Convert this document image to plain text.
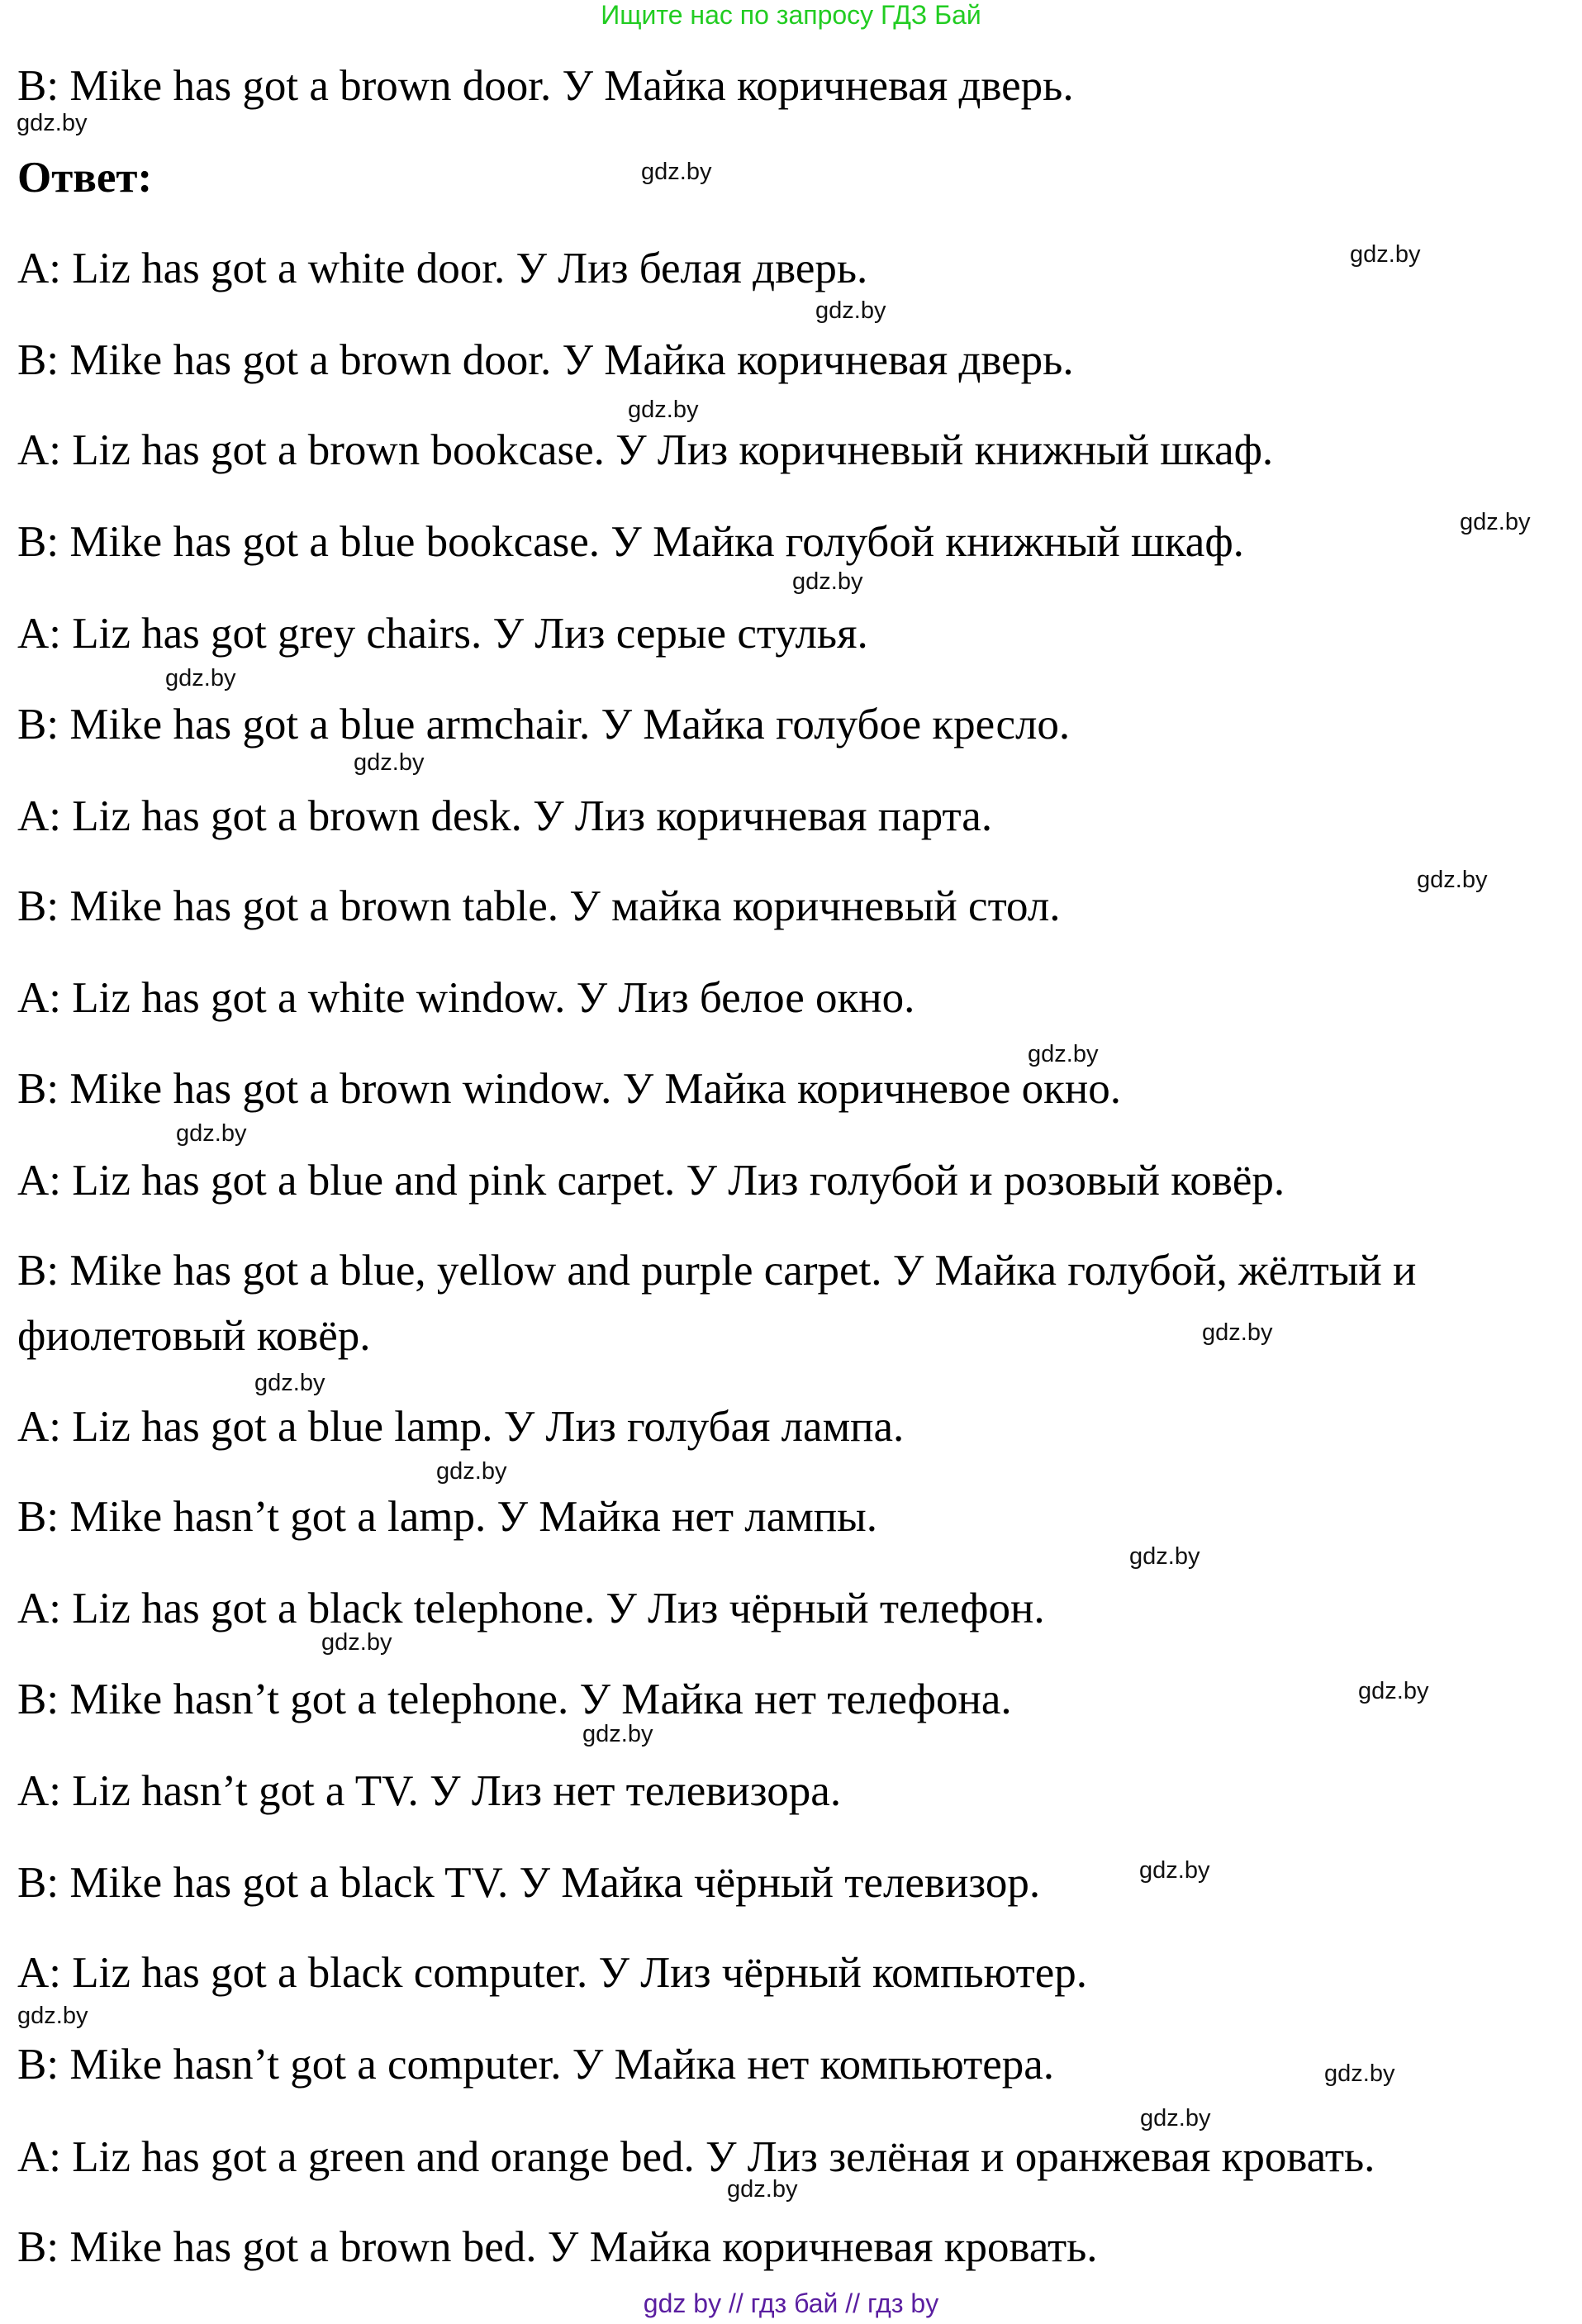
Ищите нас по запросу ГДЗ Бай
B: Mike has got a brown door. У Майка коричневая дверь.
Ответ:
A: Liz has got a white door. У Лиз белая дверь.
B: Mike has got a brown door. У Майка коричневая дверь.
A: Liz has got a brown bookcase. У Лиз коричневый книжный шкаф.
B: Mike has got a blue bookcase. У Майка голубой книжный шкаф.
A: Liz has got grey chairs. У Лиз серые стулья.
B: Mike has got a blue armchair. У Майка голубое кресло.
A: Liz has got a brown desk. У Лиз коричневая парта.
B: Mike has got a brown table. У майка коричневый стол.
A: Liz has got a white window. У Лиз белое окно.
B: Mike has got a brown window. У Майка коричневое окно.
A: Liz has got a blue and pink carpet. У Лиз голубой и розовый ковёр.
B: Mike has got a blue, yellow and purple carpet. У Майка голубой, жёлтый и
фиолетовый ковёр.
A: Liz has got a blue lamp. У Лиз голубая лампа.
B: Mike hasn’t got a lamp. У Майка нет лампы.
A: Liz has got a black telephone. У Лиз чёрный телефон.
B: Mike hasn’t got a telephone. У Майка нет телефона.
A: Liz hasn’t got a TV. У Лиз нет телевизора.
B: Mike has got a black TV. У Майка чёрный телевизор.
A: Liz has got a black computer. У Лиз чёрный компьютер.
B: Mike hasn’t got a computer. У Майка нет компьютера.
A: Liz has got a green and orange bed. У Лиз зелёная и оранжевая кровать.
B: Mike has got a brown bed. У Майка коричневая кровать.
gdz.by
gdz.by
gdz.by
gdz.by
gdz.by
gdz.by
gdz.by
gdz.by
gdz.by
gdz.by
gdz.by
gdz.by
gdz.by
gdz.by
gdz.by
gdz.by
gdz.by
gdz.by
gdz.by
gdz.by
gdz.by
gdz.by
gdz.by
gdz.by
gdz by // гдз бай // гдз by
